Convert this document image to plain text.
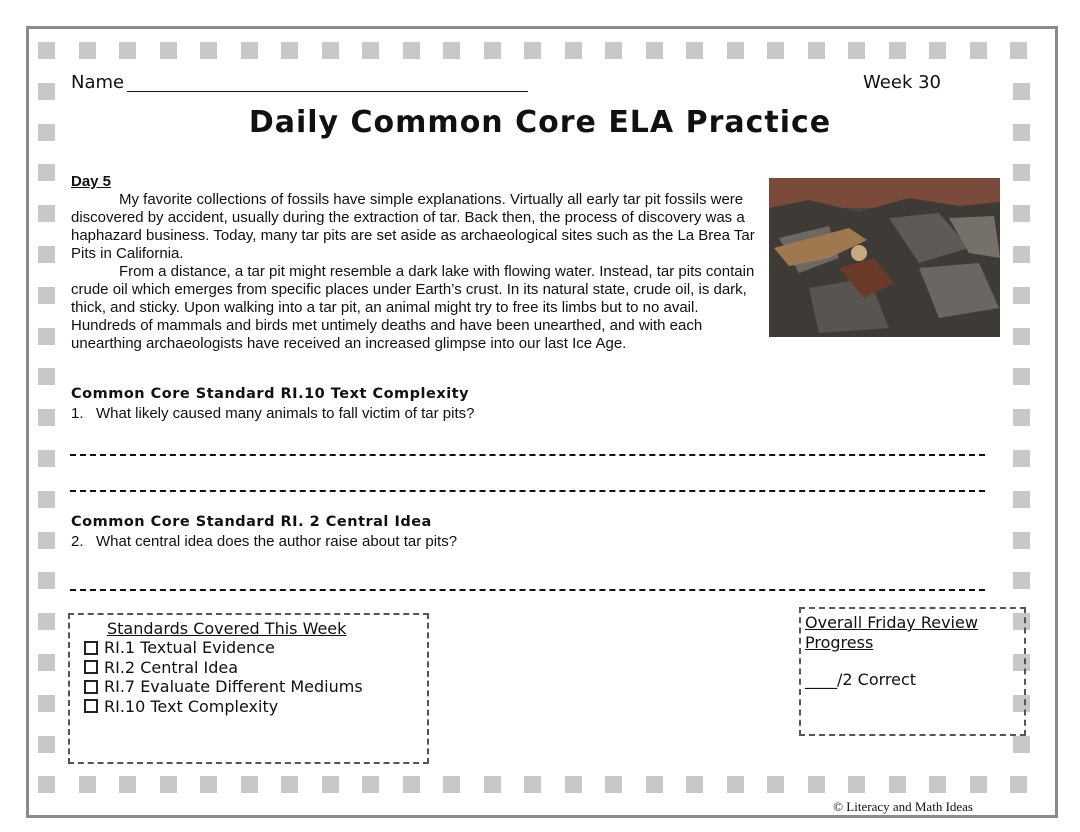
Name	Week 30
Daily Common Core ELA Practice
Day 5
My favorite collections of fossils have simple explanations. Virtually all early tar pit fossils were discovered by accident, usually during the extraction of tar. Back then, the process of discovery was a haphazard business. Today, many tar pits are set aside as archaeological sites such as the La Brea Tar Pits in California.
From a distance, a tar pit might resemble a dark lake with flowing water. Instead, tar pits contain crude oil which emerges from specific places under Earth’s crust. In its natural state, crude oil, is dark, thick, and sticky. Upon walking into a tar pit, an animal might try to free its limbs but to no avail. Hundreds of mammals and birds met untimely deaths and have been unearthed, and with each unearthing archaeologists have received an increased glimpse into our last Ice Age.
Common Core Standard RI.10 Text Complexity
1. What likely caused many animals to fall victim of tar pits?
Common Core Standard RI. 2 Central Idea
2. What central idea does the author raise about tar pits?
Standards Covered This Week
RI.1 Textual Evidence
RI.2 Central Idea
RI.7 Evaluate Different Mediums
RI.10 Text Complexity
Overall Friday Review Progress
____/2 Correct
© Literacy and Math Ideas
